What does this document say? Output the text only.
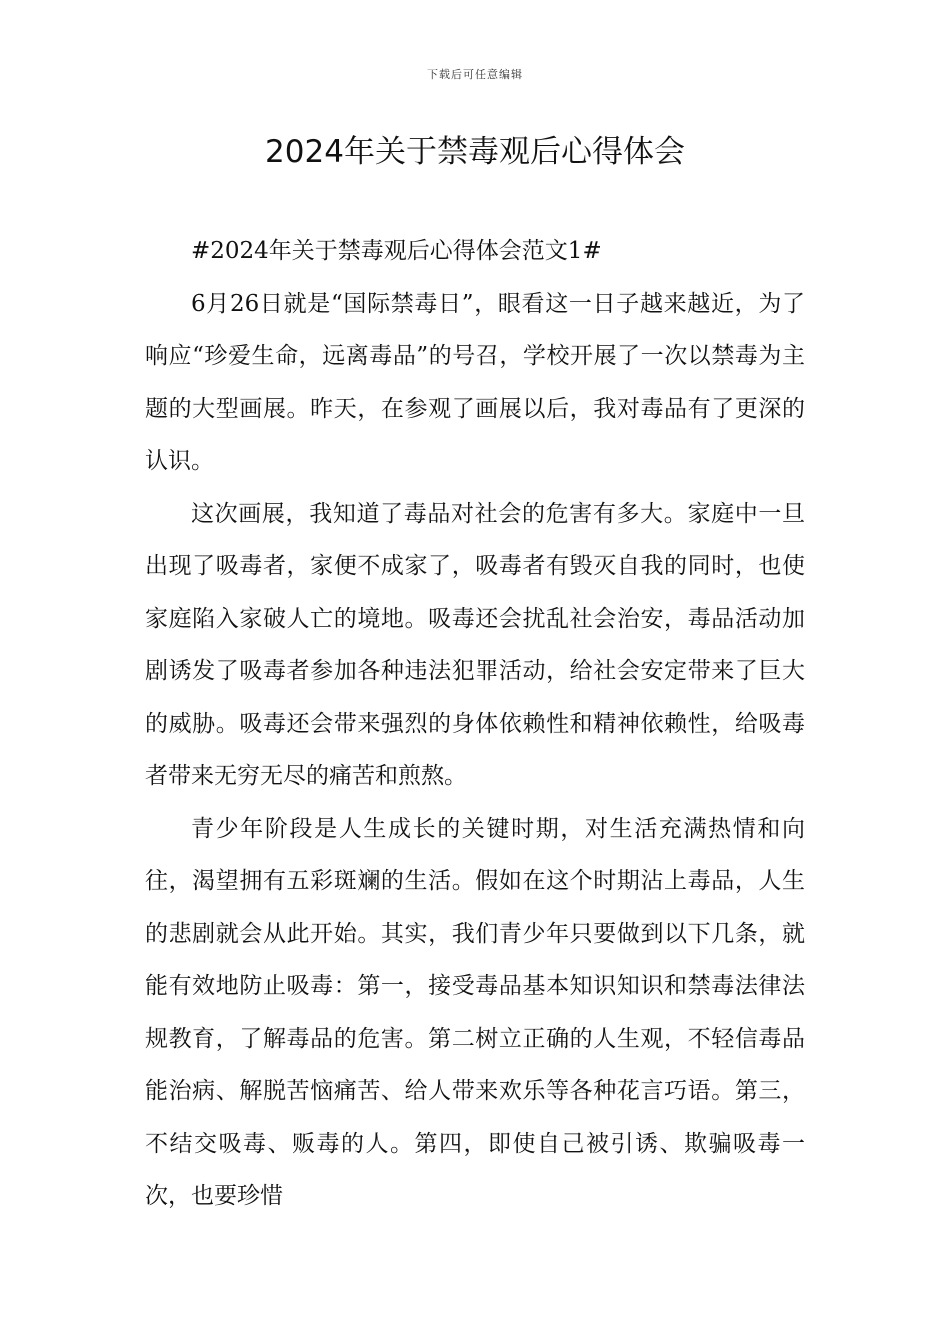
下载后可任意编辑
2024年关于禁毒观后心得体会

#2024年关于禁毒观后心得体会范文1#

6月26日就是“国际禁毒日”，眼看这一日子越来越近，为了响应“珍爱生命，远离毒品”的号召，学校开展了一次以禁毒为主题的大型画展。昨天，在参观了画展以后，我对毒品有了更深的认识。

这次画展，我知道了毒品对社会的危害有多大。家庭中一旦出现了吸毒者，家便不成家了，吸毒者有毁灭自我的同时，也使家庭陷入家破人亡的境地。吸毒还会扰乱社会治安，毒品活动加剧诱发了吸毒者参加各种违法犯罪活动，给社会安定带来了巨大的威胁。吸毒还会带来强烈的身体依赖性和精神依赖性，给吸毒者带来无穷无尽的痛苦和煎熬。

青少年阶段是人生成长的关键时期，对生活充满热情和向往，渴望拥有五彩斑斓的生活。假如在这个时期沾上毒品，人生的悲剧就会从此开始。其实，我们青少年只要做到以下几条，就能有效地防止吸毒：第一，接受毒品基本知识知识和禁毒法律法规教育，了解毒品的危害。第二树立正确的人生观，不轻信毒品能治病、解脱苦恼痛苦、给人带来欢乐等各种花言巧语。第三，不结交吸毒、贩毒的人。第四，即使自己被引诱、欺骗吸毒一次，也要珍惜
